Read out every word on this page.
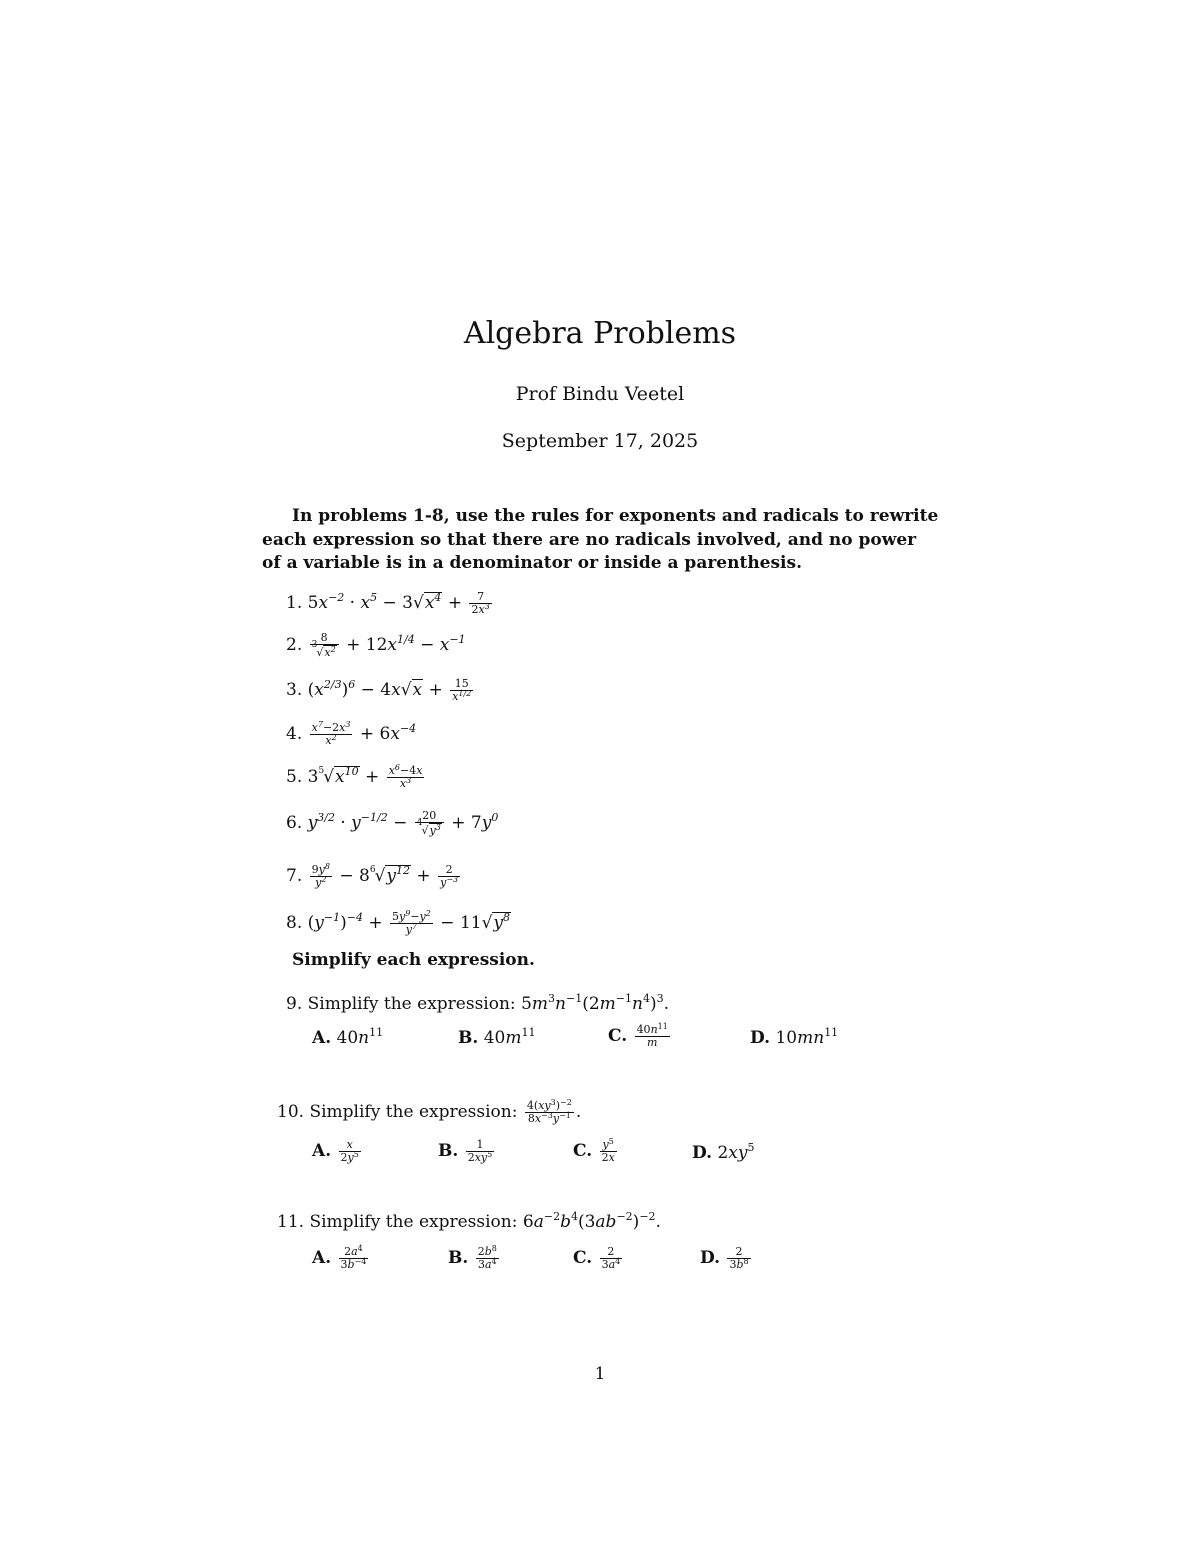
Algebra Problems
Prof Bindu Veetel
September 17, 2025
In problems 1-8, use the rules for exponents and radicals to rewrite each expression so that there are no radicals involved, and no power of a variable is in a denominator or inside a parenthesis.
1. $5x^{-2} \cdot x^5 - 3√x^4 + \frac{7}{2x^3}$
2. $\frac{8}{^3√x^2} + 12x^{1/4} - x^{-1}$
3. $(x^{2/3})^6 - 4x√x + \frac{15}{x^{1/2}}$
4. $\frac{x^7-2x^3}{x^2} + 6x^{-4}$
5. $3^5√x^{10} + \frac{x^6-4x}{x^3}$
6. $y^{3/2} \cdot y^{-1/2} - \frac{20}{^4√y^3} + 7y^0$
7. $\frac{9y^8}{y^2} - 8^6√y^{12} + \frac{2}{y^{-3}}$
8. $(y^{-1})^{-4} + \frac{5y^9-y^2}{y^7} - 11√y^8$
Simplify each expression.
9. Simplify the expression: $5m^3n^{-1}(2m^{-1}n^4)^3$.
A. $40n^{11}$	B. $40m^{11}$	C. $\frac{40n^{11}}{m}$	D. $10mn^{11}$
10. Simplify the expression: $\frac{4(xy^3)^{-2}}{8x^{-3}y^{-1}}$ .
A. $\frac{x}{2y^5}$	B. $\frac{1}{2xy^5}$	C. $\frac{y^5}{2x}$	D. $2xy^5$
11. Simplify the expression: $6a^{-2}b^4(3ab^{-2})^{-2}$.
A. $\frac{2a^4}{3b^{-4}}$	B. $\frac{2b^8}{3a^4}$	C. $\frac{2}{3a^4}$	D. $\frac{2}{3b^8}$
1
